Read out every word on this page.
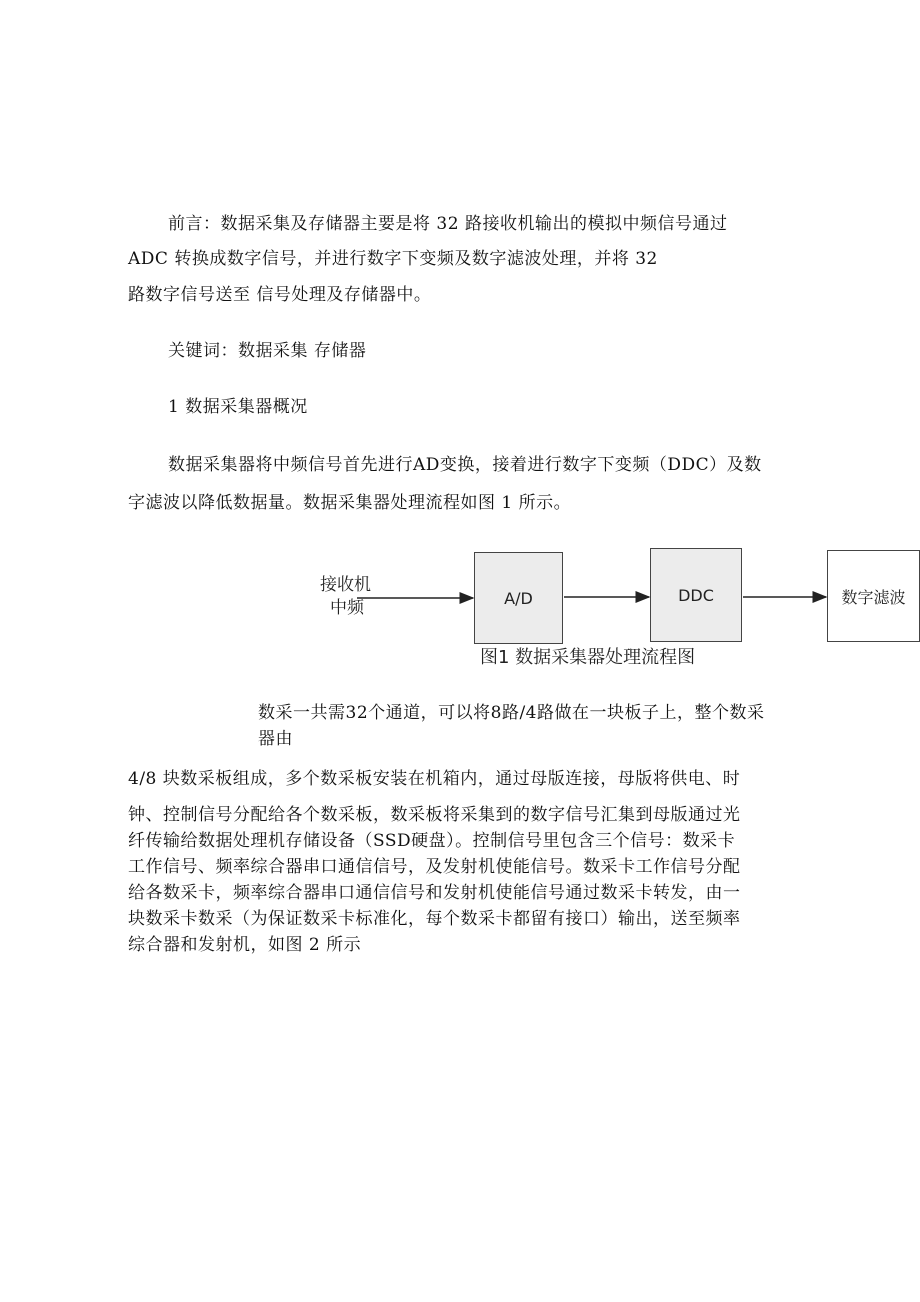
前言：数据采集及存储器主要是将 32 路接收机输出的模拟中频信号通过
ADC 转换成数字信号，并进行数字下变频及数字滤波处理，并将 32
路数字信号送至 信号处理及存储器中。
关键词：数据采集 存储器
1 数据采集器概况
数据采集器将中频信号首先进行AD变换，接着进行数字下变频（DDC）及数
字滤波以降低数据量。数据采集器处理流程如图 1 所示。
接收机
中频	A/D	DDC	数字滤波
图1 数据采集器处理流程图
数采一共需32个通道，可以将8路/4路做在一块板子上，整个数采
器由
4/8 块数采板组成，多个数采板安装在机箱内，通过母版连接，母版将供电、时
钟、控制信号分配给各个数采板，数采板将采集到的数字信号汇集到母版通过光
纤传输给数据处理机存储设备（SSD硬盘）。控制信号里包含三个信号：数采卡
工作信号、频率综合器串口通信信号，及发射机使能信号。数采卡工作信号分配
给各数采卡，频率综合器串口通信信号和发射机使能信号通过数采卡转发，由一
块数采卡数采（为保证数采卡标准化，每个数采卡都留有接口）输出，送至频率
综合器和发射机，如图 2 所示
